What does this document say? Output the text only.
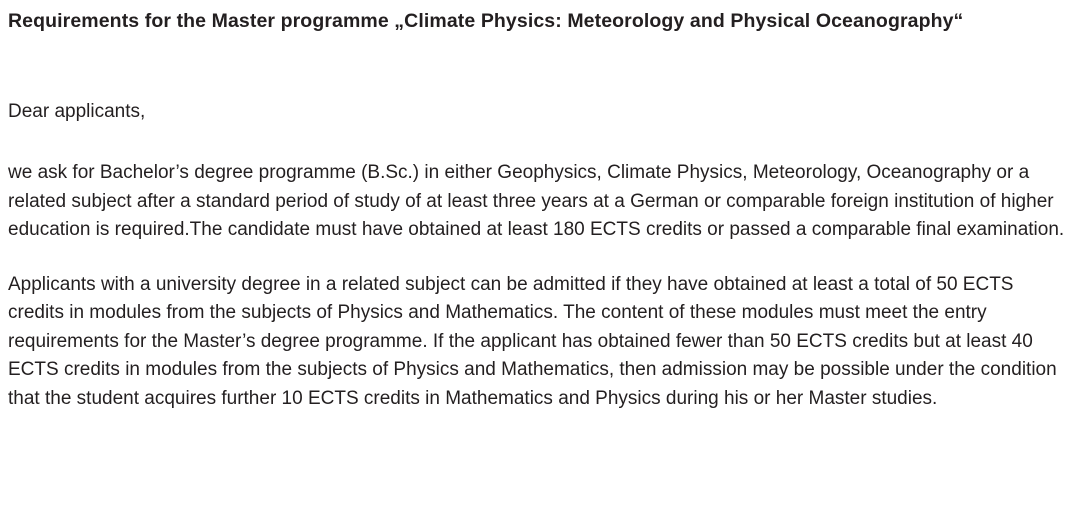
Requirements for the Master programme „Climate Physics: Meteorology and Physical Oceanography“

Dear applicants,

we ask for Bachelor’s degree programme (B.Sc.) in either Geophysics, Climate Physics, Meteorology, Oceanography or a related subject after a standard period of study of at least three years at a German or comparable foreign institution of higher education is required.The candidate must have obtained at least 180 ECTS credits or passed a comparable final examination.

Applicants with a university degree in a related subject can be admitted if they have obtained at least a total of 50 ECTS credits in modules from the subjects of Physics and Mathematics. The content of these modules must meet the entry requirements for the Master’s degree programme. If the applicant has obtained fewer than 50 ECTS credits but at least 40 ECTS credits in modules from the subjects of Physics and Mathematics, then admission may be possible under the condition that the student acquires further 10 ECTS credits in Mathematics and Physics during his or her Master studies.
